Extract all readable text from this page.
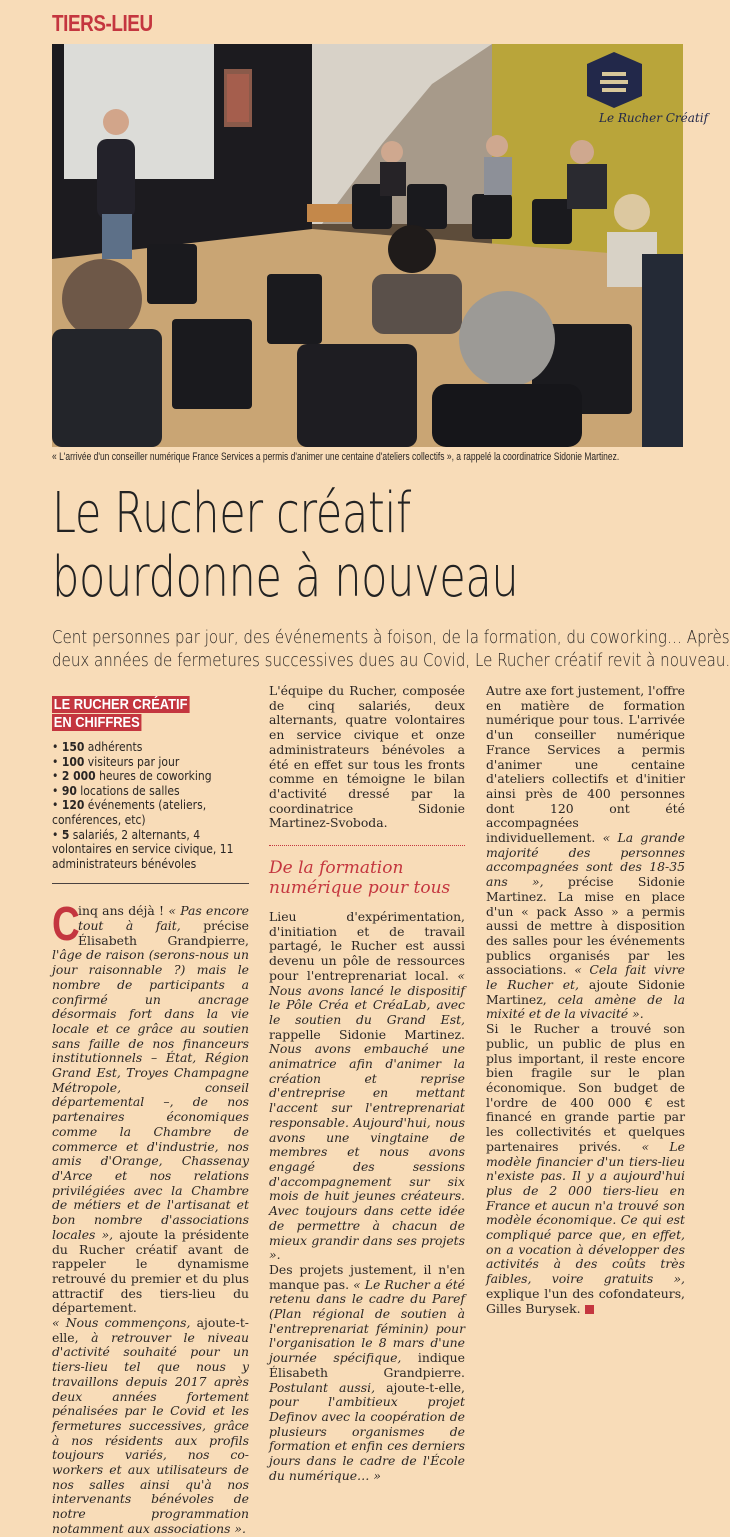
TIERS-LIEU
Le Rucher Créatif
« L'arrivée d'un conseiller numérique France Services a permis d'animer une centaine d'ateliers collectifs », a rappelé la coordinatrice Sidonie Martinez.
Le Rucher créatif
bourdonne à nouveau
Cent personnes par jour, des événements à foison, de la formation, du coworking… Après
deux années de fermetures successives dues au Covid, Le Rucher créatif revit à nouveau.
LE RUCHER CRÉATIF
EN CHIFFRES
• 150 adhérents
• 100 visiteurs par jour
• 2 000 heures de coworking
• 90 locations de salles
• 120 événements (ateliers, conférences, etc)
• 5 salariés, 2 alternants, 4 volontaires en service civique, 11 administrateurs bénévoles

C
inq ans déjà ! « Pas encore tout à fait, précise Élisabeth Grandpierre, l'âge de raison (serons-nous un jour raisonnable ?) mais le nombre de participants a confirmé un ancrage désormais fort dans la vie locale et ce grâce au soutien sans faille de nos financeurs institutionnels – État, Région Grand Est, Troyes Champagne Métropole, conseil départemental –, de nos partenaires économiques comme la Chambre de commerce et d'industrie, nos amis d'Orange, Chassenay d'Arce et nos relations privilégiées avec la Chambre de métiers et de l'artisanat et bon nombre d'associations locales », ajoute la présidente du Rucher créatif avant de rappeler le dynamisme retrouvé du premier et du plus attractif des tiers-lieu du département.

« Nous commençons, ajoute-t-elle, à retrouver le niveau d'activité souhaité pour un tiers-lieu tel que nous y travaillons depuis 2017 après deux années fortement pénalisées par le Covid et les fermetures successives, grâce à nos résidents aux profils toujours variés, nos co-workers et aux utilisateurs de nos salles ainsi qu'à nos intervenants bénévoles de notre programmation notamment aux associations ».

L'équipe du Rucher, composée de cinq salariés, deux alternants, quatre volontaires en service civique et onze administrateurs bénévoles a été en effet sur tous les fronts comme en témoigne le bilan d'activité dressé par la coordinatrice Sidonie Martinez-Svoboda.

De la formation numérique pour tous

Lieu d'expérimentation, d'initiation et de travail partagé, le Rucher est aussi devenu un pôle de ressources pour l'entreprenariat local. « Nous avons lancé le dispositif le Pôle Créa et CréaLab, avec le soutien du Grand Est, rappelle Sidonie Martinez. Nous avons embauché une animatrice afin d'animer la création et reprise d'entreprise en mettant l'accent sur l'entreprenariat responsable. Aujourd'hui, nous avons une vingtaine de membres et nous avons engagé des sessions d'accompagnement sur six mois de huit jeunes créateurs. Avec toujours dans cette idée de permettre à chacun de mieux grandir dans ses projets ».

Des projets justement, il n'en manque pas. « Le Rucher a été retenu dans le cadre du Paref (Plan régional de soutien à l'entreprenariat féminin) pour l'organisation le 8 mars d'une journée spécifique, indique Élisabeth Grandpierre. Postulant aussi, ajoute-t-elle, pour l'ambitieux projet Definov avec la coopération de plusieurs organismes de formation et enfin ces derniers jours dans le cadre de l'École du numérique… »

Autre axe fort justement, l'offre en matière de formation numérique pour tous. L'arrivée d'un conseiller numérique France Services a permis d'animer une centaine d'ateliers collectifs et d'initier ainsi près de 400 personnes dont 120 ont été accompagnées individuellement. « La grande majorité des personnes accompagnées sont des 18-35 ans », précise Sidonie Martinez. La mise en place d'un « pack Asso » a permis aussi de mettre à disposition des salles pour les événements publics organisés par les associations. « Cela fait vivre le Rucher et, ajoute Sidonie Martinez, cela amène de la mixité et de la vivacité ».

Si le Rucher a trouvé son public, un public de plus en plus important, il reste encore bien fragile sur le plan économique. Son budget de l'ordre de 400 000 € est financé en grande partie par les collectivités et quelques partenaires privés. « Le modèle financier d'un tiers-lieu n'existe pas. Il y a aujourd'hui plus de 2 000 tiers-lieu en France et aucun n'a trouvé son modèle économique. Ce qui est compliqué parce que, en effet, on a vocation à développer des activités à des coûts très faibles, voire gratuits », explique l'un des cofondateurs, Gilles Burysek.
